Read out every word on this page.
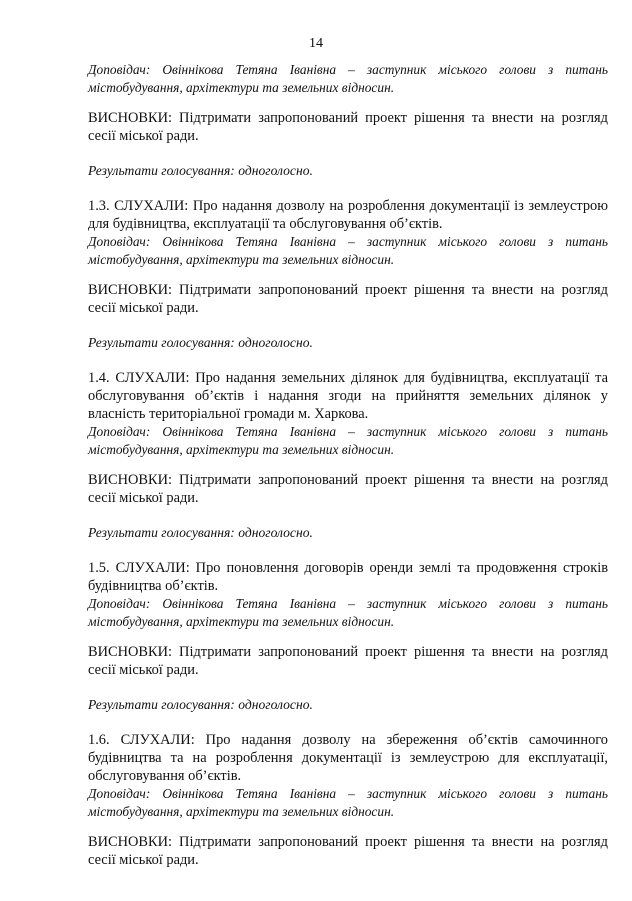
14

Доповідач: Овіннікова Тетяна Іванівна – заступник міського голови з питань містобудування, архітектури та земельних відносин.

ВИСНОВКИ: Підтримати запропонований проект рішення та внести на розгляд сесії міської ради.

Результати голосування: одноголосно.

1.3. СЛУХАЛИ: Про надання дозволу на розроблення документації із землеустрою для будівництва, експлуатації та обслуговування об’єктів.

Доповідач: Овіннікова Тетяна Іванівна – заступник міського голови з питань містобудування, архітектури та земельних відносин.

ВИСНОВКИ: Підтримати запропонований проект рішення та внести на розгляд сесії міської ради.

Результати голосування: одноголосно.

1.4. СЛУХАЛИ: Про надання земельних ділянок для будівництва, експлуатації та обслуговування об’єктів і надання згоди на прийняття земельних ділянок у власність територіальної громади м. Харкова.

Доповідач: Овіннікова Тетяна Іванівна – заступник міського голови з питань містобудування, архітектури та земельних відносин.

ВИСНОВКИ: Підтримати запропонований проект рішення та внести на розгляд сесії міської ради.

Результати голосування: одноголосно.

1.5. СЛУХАЛИ: Про поновлення договорів оренди землі та продовження строків будівництва об’єктів.

Доповідач: Овіннікова Тетяна Іванівна – заступник міського голови з питань містобудування, архітектури та земельних відносин.

ВИСНОВКИ: Підтримати запропонований проект рішення та внести на розгляд сесії міської ради.

Результати голосування: одноголосно.

1.6. СЛУХАЛИ: Про надання дозволу на збереження об’єктів самочинного будівництва та на розроблення документації із землеустрою для експлуатації, обслуговування об’єктів.

Доповідач: Овіннікова Тетяна Іванівна – заступник міського голови з питань містобудування, архітектури та земельних відносин.

ВИСНОВКИ: Підтримати запропонований проект рішення та внести на розгляд сесії міської ради.
